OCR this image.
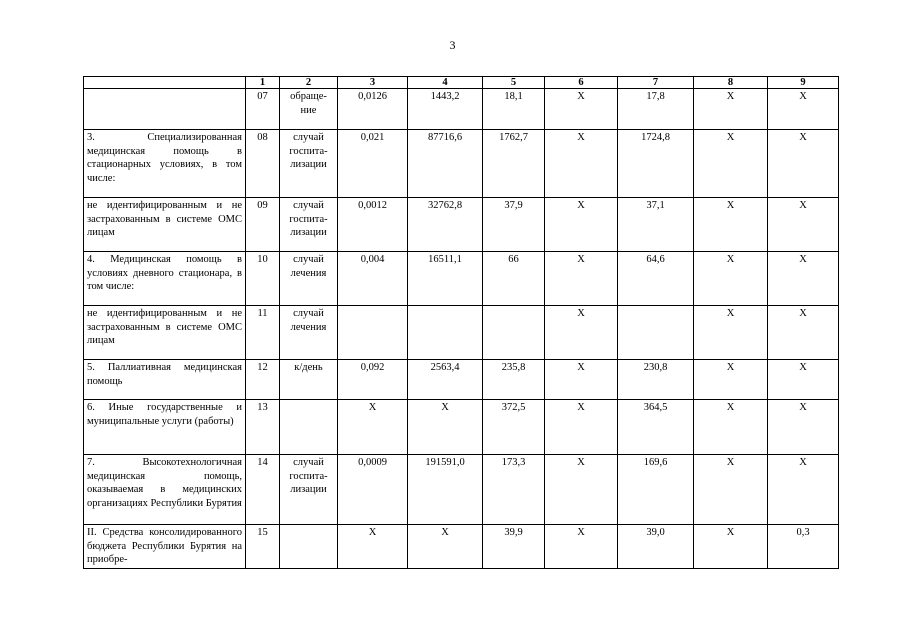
3
	1	2	3	4	5	6	7	8	9
	07	обраще-ние	0,0126	1443,2	18,1	X	17,8	X	X
3. Специализированная медицинская помощь в стационарных условиях, в том числе:	08	случай госпита-лизации	0,021	87716,6	1762,7	X	1724,8	X	X
не идентифицированным и не застрахованным в системе ОМС лицам	09	случай госпита-лизации	0,0012	32762,8	37,9	X	37,1	X	X
4. Медицинская помощь в условиях дневного стационара, в том числе:	10	случай лечения	0,004	16511,1	66	X	64,6	X	X
не идентифицированным и не застрахованным в системе ОМС лицам	11	случай лечения				X		X	X
5. Паллиативная медицинская помощь	12	к/день	0,092	2563,4	235,8	X	230,8	X	X
6. Иные государственные и муниципальные услуги (работы)	13		X	X	372,5	X	364,5	X	X
7. Высокотехнологичная медицинская помощь, оказываемая в медицинских организациях Республики Бурятия	14	случай госпита-лизации	0,0009	191591,0	173,3	X	169,6	X	X
II. Средства консолидированного бюджета Республики Бурятия на приобре-	15		X	X	39,9	X	39,0	X	0,3
